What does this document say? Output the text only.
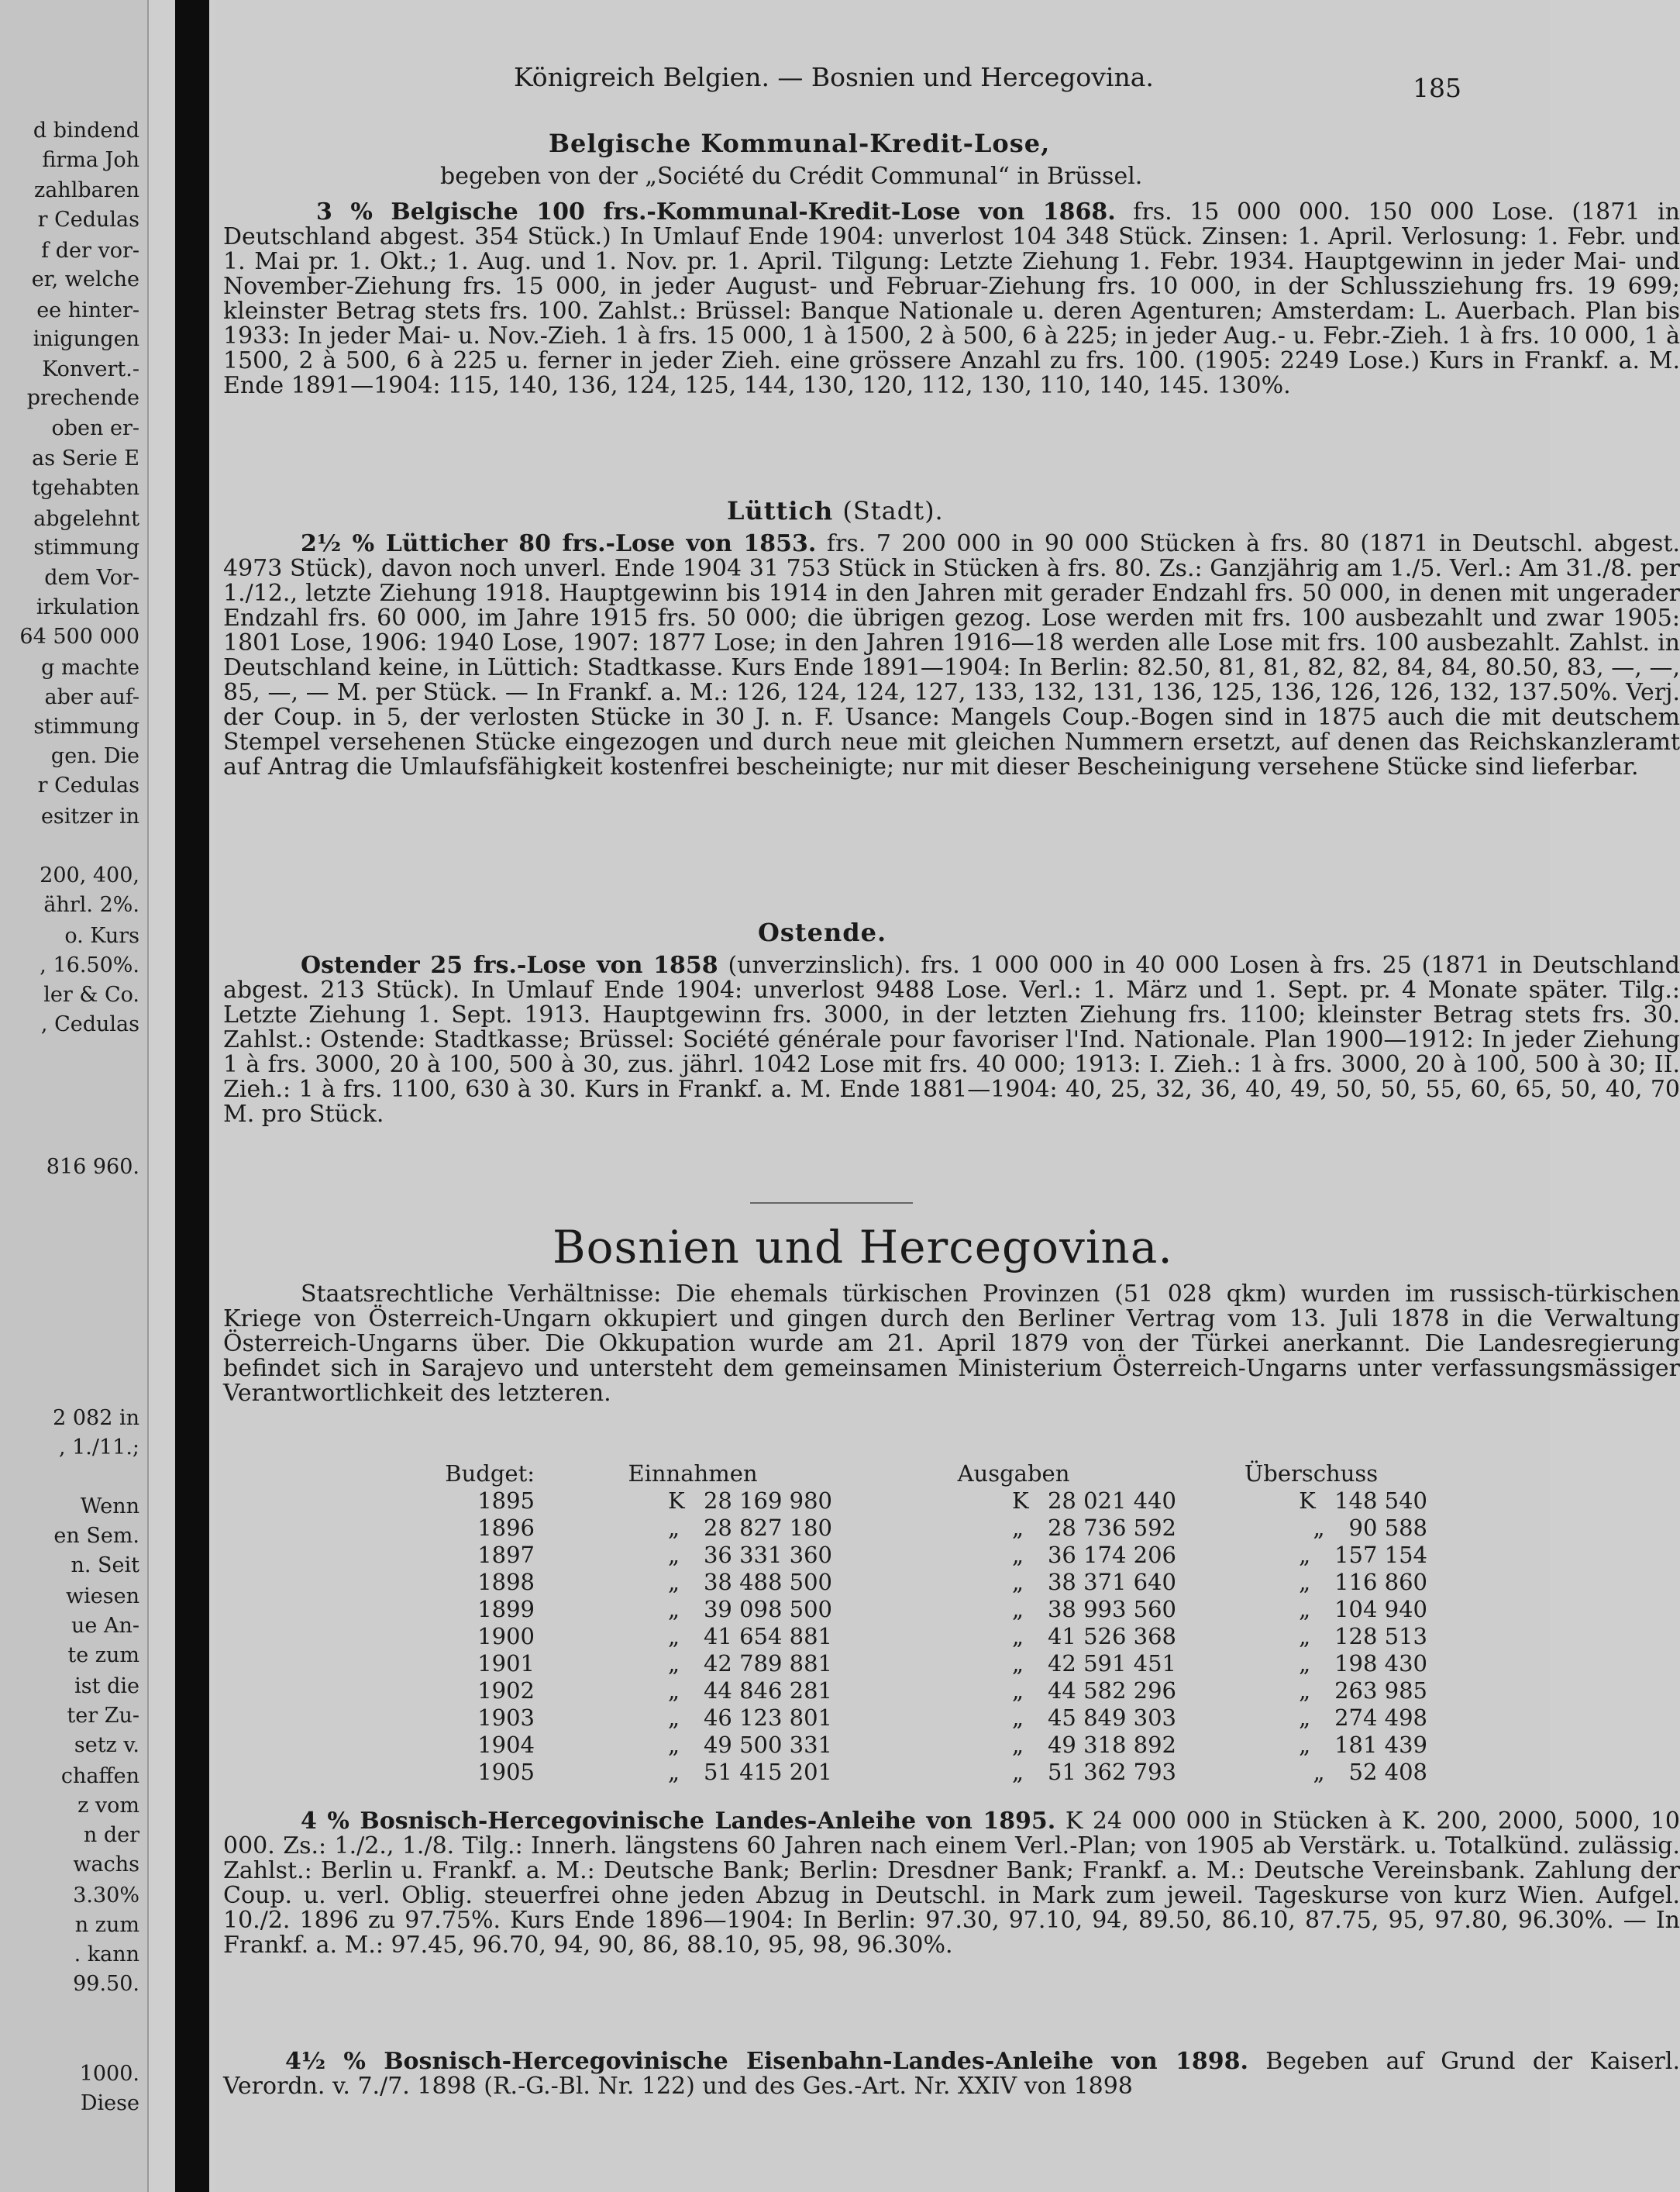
d bindend
firma Joh
zahlbaren
r Cedulas
f der vor-
er, welche
ee hinter-
inigungen
Konvert.-
prechende
oben er-
as Serie E
tgehabten
abgelehnt
stimmung
dem Vor-
irkulation
64 500 000
g machte
aber auf-
stimmung
gen. Die
r Cedulas
esitzer in
200, 400,
ährl. 2%.
o. Kurs
, 16.50%.
ler & Co.
, Cedulas
816 960.
2 082 in
, 1./11.;
Wenn
en Sem.
n. Seit
wiesen
ue An-
te zum
ist die
ter Zu-
setz v.
chaffen
z vom
n der
wachs
3.30%
n zum
. kann
99.50.
1000.
Diese
Königreich Belgien. — Bosnien und Hercegovina.	185
Belgische Kommunal-Kredit-Lose,
begeben von der „Société du Crédit Communal“ in Brüssel.
3 % Belgische 100 frs.-Kommunal-Kredit-Lose von 1868. frs. 15 000 000. 150 000 Lose. (1871 in Deutschland abgest. 354 Stück.) In Umlauf Ende 1904: unverlost 104 348 Stück. Zinsen: 1. April. Verlosung: 1. Febr. und 1. Mai pr. 1. Okt.; 1. Aug. und 1. Nov. pr. 1. April. Tilgung: Letzte Ziehung 1. Febr. 1934. Hauptgewinn in jeder Mai- und November-Ziehung frs. 15 000, in jeder August- und Februar-Ziehung frs. 10 000, in der Schlussziehung frs. 19 699; kleinster Betrag stets frs. 100. Zahlst.: Brüssel: Banque Nationale u. deren Agenturen; Amsterdam: L. Auerbach. Plan bis 1933: In jeder Mai- u. Nov.-Zieh. 1 à frs. 15 000, 1 à 1500, 2 à 500, 6 à 225; in jeder Aug.- u. Febr.-Zieh. 1 à frs. 10 000, 1 à 1500, 2 à 500, 6 à 225 u. ferner in jeder Zieh. eine grössere Anzahl zu frs. 100. (1905: 2249 Lose.) Kurs in Frankf. a. M. Ende 1891—1904: 115, 140, 136, 124, 125, 144, 130, 120, 112, 130, 110, 140, 145. 130%.
Lüttich (Stadt).
2½ % Lütticher 80 frs.-Lose von 1853. frs. 7 200 000 in 90 000 Stücken à frs. 80 (1871 in Deutschl. abgest. 4973 Stück), davon noch unverl. Ende 1904 31 753 Stück in Stücken à frs. 80. Zs.: Ganzjährig am 1./5. Verl.: Am 31./8. per 1./12., letzte Ziehung 1918. Hauptgewinn bis 1914 in den Jahren mit gerader Endzahl frs. 50 000, in denen mit ungerader Endzahl frs. 60 000, im Jahre 1915 frs. 50 000; die übrigen gezog. Lose werden mit frs. 100 ausbezahlt und zwar 1905: 1801 Lose, 1906: 1940 Lose, 1907: 1877 Lose; in den Jahren 1916—18 werden alle Lose mit frs. 100 ausbezahlt. Zahlst. in Deutschland keine, in Lüttich: Stadtkasse. Kurs Ende 1891—1904: In Berlin: 82.50, 81, 81, 82, 82, 84, 84, 80.50, 83, —, —, 85, —, — M. per Stück. — In Frankf. a. M.: 126, 124, 124, 127, 133, 132, 131, 136, 125, 136, 126, 126, 132, 137.50%. Verj. der Coup. in 5, der verlosten Stücke in 30 J. n. F. Usance: Mangels Coup.-Bogen sind in 1875 auch die mit deutschem Stempel versehenen Stücke eingezogen und durch neue mit gleichen Nummern ersetzt, auf denen das Reichskanzleramt auf Antrag die Umlaufsfähigkeit kostenfrei bescheinigte; nur mit dieser Bescheinigung versehene Stücke sind lieferbar.
Ostende.
Ostender 25 frs.-Lose von 1858 (unverzinslich). frs. 1 000 000 in 40 000 Losen à frs. 25 (1871 in Deutschland abgest. 213 Stück). In Umlauf Ende 1904: unverlost 9488 Lose. Verl.: 1. März und 1. Sept. pr. 4 Monate später. Tilg.: Letzte Ziehung 1. Sept. 1913. Hauptgewinn frs. 3000, in der letzten Ziehung frs. 1100; kleinster Betrag stets frs. 30. Zahlst.: Ostende: Stadtkasse; Brüssel: Société générale pour favoriser l'Ind. Nationale. Plan 1900—1912: In jeder Ziehung 1 à frs. 3000, 20 à 100, 500 à 30, zus. jährl. 1042 Lose mit frs. 40 000; 1913: I. Zieh.: 1 à frs. 3000, 20 à 100, 500 à 30; II. Zieh.: 1 à frs. 1100, 630 à 30. Kurs in Frankf. a. M. Ende 1881—1904: 40, 25, 32, 36, 40, 49, 50, 50, 55, 60, 65, 50, 40, 70 M. pro Stück.
Bosnien und Hercegovina.
Staatsrechtliche Verhältnisse: Die ehemals türkischen Provinzen (51 028 qkm) wurden im russisch-türkischen Kriege von Österreich-Ungarn okkupiert und gingen durch den Berliner Vertrag vom 13. Juli 1878 in die Verwaltung Österreich-Ungarns über. Die Okkupation wurde am 21. April 1879 von der Türkei anerkannt. Die Landesregierung befindet sich in Sarajevo und untersteht dem gemeinsamen Ministerium Österreich-Ungarns unter verfassungsmässiger Verantwortlichkeit des letzteren.
Budget:	Einnahmen	Ausgaben	Überschuss
1895	K 28 169 980	K 28 021 440	K 148 540
1896	„ 28 827 180	„ 28 736 592	„ 90 588
1897	„ 36 331 360	„ 36 174 206	„ 157 154
1898	„ 38 488 500	„ 38 371 640	„ 116 860
1899	„ 39 098 500	„ 38 993 560	„ 104 940
1900	„ 41 654 881	„ 41 526 368	„ 128 513
1901	„ 42 789 881	„ 42 591 451	„ 198 430
1902	„ 44 846 281	„ 44 582 296	„ 263 985
1903	„ 46 123 801	„ 45 849 303	„ 274 498
1904	„ 49 500 331	„ 49 318 892	„ 181 439
1905	„ 51 415 201	„ 51 362 793	„ 52 408
4 % Bosnisch-Hercegovinische Landes-Anleihe von 1895. K 24 000 000 in Stücken à K. 200, 2000, 5000, 10 000. Zs.: 1./2., 1./8. Tilg.: Innerh. längstens 60 Jahren nach einem Verl.-Plan; von 1905 ab Verstärk. u. Totalkünd. zulässig. Zahlst.: Berlin u. Frankf. a. M.: Deutsche Bank; Berlin: Dresdner Bank; Frankf. a. M.: Deutsche Vereinsbank. Zahlung der Coup. u. verl. Oblig. steuerfrei ohne jeden Abzug in Deutschl. in Mark zum jeweil. Tageskurse von kurz Wien. Aufgel. 10./2. 1896 zu 97.75%. Kurs Ende 1896—1904: In Berlin: 97.30, 97.10, 94, 89.50, 86.10, 87.75, 95, 97.80, 96.30%. — In Frankf. a. M.: 97.45, 96.70, 94, 90, 86, 88.10, 95, 98, 96.30%.
4½ % Bosnisch-Hercegovinische Eisenbahn-Landes-Anleihe von 1898. Begeben auf Grund der Kaiserl. Verordn. v. 7./7. 1898 (R.-G.-Bl. Nr. 122) und des Ges.-Art. Nr. XXIV von 1898
